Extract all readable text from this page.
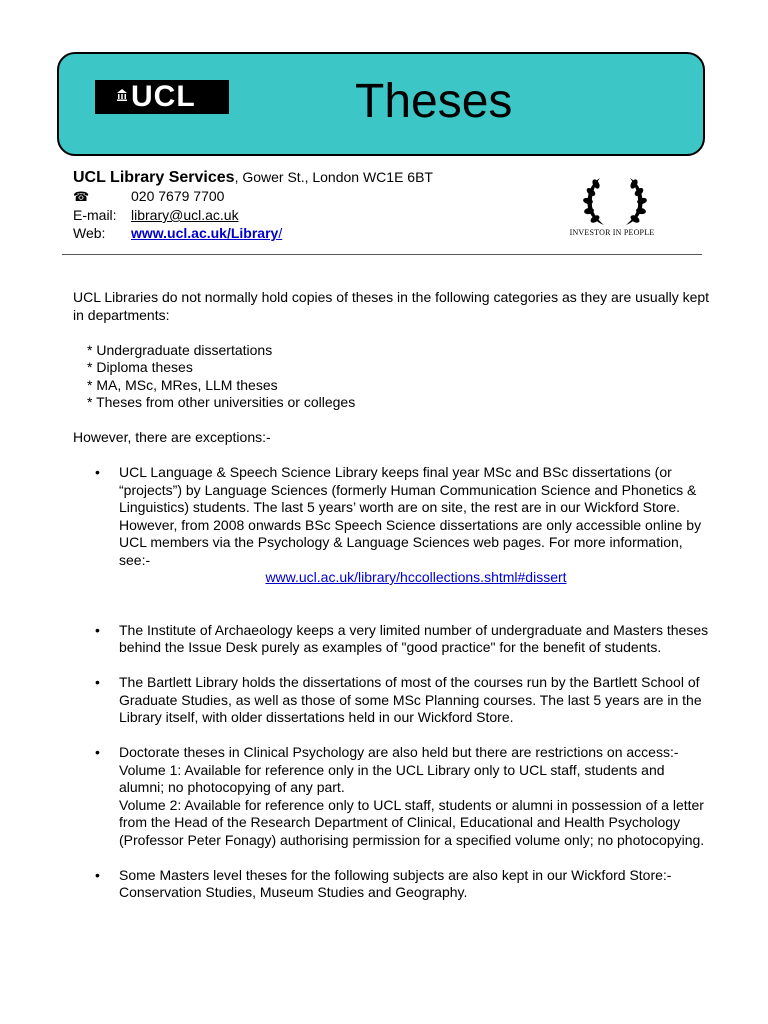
UCL	Theses
UCL Library Services, Gower St., London WC1E 6BT
☎	020 7679 7700
E-mail: library@ucl.ac.uk
Web: www.ucl.ac.uk/Library/	INVESTOR IN PEOPLE

UCL Libraries do not normally hold copies of theses in the following categories as they are usually kept in departments:

* Undergraduate dissertations
* Diploma theses
* MA, MSc, MRes, LLM theses
* Theses from other universities or colleges

However, there are exceptions:-

• UCL Language & Speech Science Library keeps final year MSc and BSc dissertations (or “projects”) by Language Sciences (formerly Human Communication Science and Phonetics & Linguistics) students. The last 5 years’ worth are on site, the rest are in our Wickford Store. However, from 2008 onwards BSc Speech Science dissertations are only accessible online by UCL members via the Psychology & Language Sciences web pages. For more information, see:-
www.ucl.ac.uk/library/hccollections.shtml#dissert
• The Institute of Archaeology keeps a very limited number of undergraduate and Masters theses behind the Issue Desk purely as examples of "good practice" for the benefit of students.
• The Bartlett Library holds the dissertations of most of the courses run by the Bartlett School of Graduate Studies, as well as those of some MSc Planning courses. The last 5 years are in the Library itself, with older dissertations held in our Wickford Store.
• Doctorate theses in Clinical Psychology are also held but there are restrictions on access:-
Volume 1: Available for reference only in the UCL Library only to UCL staff, students and alumni; no photocopying of any part.
Volume 2: Available for reference only to UCL staff, students or alumni in possession of a letter from the Head of the Research Department of Clinical, Educational and Health Psychology (Professor Peter Fonagy) authorising permission for a specified volume only; no photocopying.
• Some Masters level theses for the following subjects are also kept in our Wickford Store:-
Conservation Studies, Museum Studies and Geography.
